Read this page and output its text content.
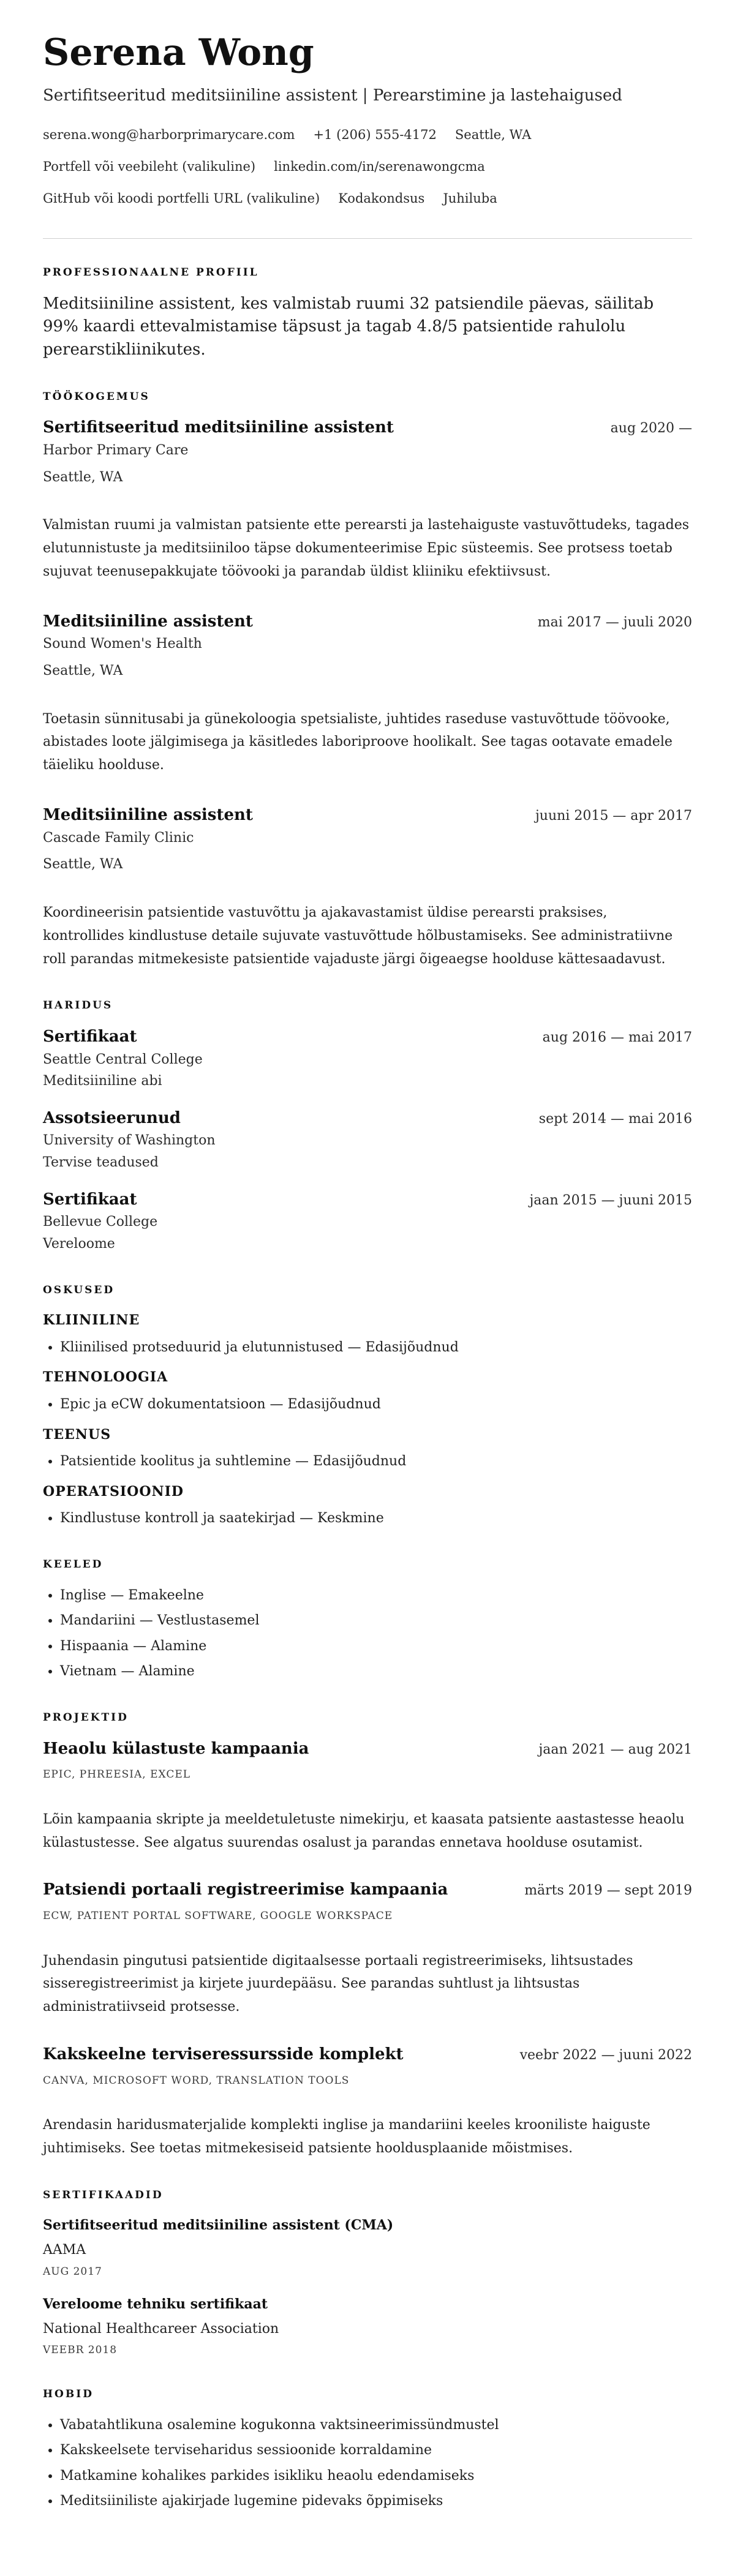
Serena Wong
Sertifitseeritud meditsiiniline assistent | Perearstimine ja lastehaigused
serena.wong@harborprimarycare.com +1 (206) 555-4172 Seattle, WA
Portfell või veebileht (valikuline) linkedin.com/in/serenawongcma
GitHub või koodi portfelli URL (valikuline) Kodakondsus Juhiluba
PROFESSIONAALNE PROFIIL

Meditsiiniline assistent, kes valmistab ruumi 32 patsiendile päevas, säilitab 99% kaardi ettevalmistamise täpsust ja tagab 4.8/5 patsientide rahulolu perearstikliinikutes.

TÖÖKOGEMUS
Sertifitseeritud meditsiiniline assistent	aug 2020 —

Harbor Primary Care

Seattle, WA

Valmistan ruumi ja valmistan patsiente ette perearsti ja lastehaiguste vastuvõttudeks, tagades elutunnistuste ja meditsiiniloo täpse dokumenteerimise Epic süsteemis. See protsess toetab sujuvat teenusepakkujate töövooki ja parandab üldist kliiniku efektiivsust.

Meditsiiniline assistent	mai 2017 — juuli 2020

Sound Women's Health

Seattle, WA

Toetasin sünnitusabi ja günekoloogia spetsialiste, juhtides raseduse vastuvõttude töövooke, abistades loote jälgimisega ja käsitledes laboriproove hoolikalt. See tagas ootavate emadele täieliku hoolduse.

Meditsiiniline assistent	juuni 2015 — apr 2017

Cascade Family Clinic

Seattle, WA

Koordineerisin patsientide vastuvõttu ja ajakavastamist üldise perearsti praksises, kontrollides kindlustuse detaile sujuvate vastuvõttude hõlbustamiseks. See administratiivne roll parandas mitmekesiste patsientide vajaduste järgi õigeaegse hoolduse kättesaadavust.

HARIDUS
Sertifikaat	aug 2016 — mai 2017

Seattle Central College

Meditsiiniline abi

Assotsieerunud	sept 2014 — mai 2016

University of Washington

Tervise teadused

Sertifikaat	jaan 2015 — juuni 2015

Bellevue College

Vereloome

OSKUSED
KLIINILINE
• Kliinilised protseduurid ja elutunnistused — Edasijõudnud
TEHNOLOOGIA
• Epic ja eCW dokumentatsioon — Edasijõudnud
TEENUS
• Patsientide koolitus ja suhtlemine — Edasijõudnud
OPERATSIOONID
• Kindlustuse kontroll ja saatekirjad — Keskmine
KEELED
• Inglise — Emakeelne
• Mandariini — Vestlustasemel
• Hispaania — Alamine
• Vietnam — Alamine
PROJEKTID
Heaolu külastuste kampaania	jaan 2021 — aug 2021

EPIC, PHREESIA, EXCEL

Lõin kampaania skripte ja meeldetuletuste nimekirju, et kaasata patsiente aastastesse heaolu külastustesse. See algatus suurendas osalust ja parandas ennetava hoolduse osutamist.

Patsiendi portaali registreerimise kampaania	märts 2019 — sept 2019

ECW, PATIENT PORTAL SOFTWARE, GOOGLE WORKSPACE

Juhendasin pingutusi patsientide digitaalsesse portaali registreerimiseks, lihtsustades sisseregistreerimist ja kirjete juurdepääsu. See parandas suhtlust ja lihtsustas administratiivseid protsesse.

Kakskeelne terviseressursside komplekt	veebr 2022 — juuni 2022

CANVA, MICROSOFT WORD, TRANSLATION TOOLS

Arendasin haridusmaterjalide komplekti inglise ja mandariini keeles krooniliste haiguste juhtimiseks. See toetas mitmekesiseid patsiente hooldusplaanide mõistmises.

SERTIFIKAADID

Sertifitseeritud meditsiiniline assistent (CMA)

AAMA

AUG 2017

Vereloome tehniku sertifikaat

National Healthcareer Association

VEEBR 2018

HOBID
• Vabatahtlikuna osalemine kogukonna vaktsineerimissündmustel
• Kakskeelsete terviseharidus sessioonide korraldamine
• Matkamine kohalikes parkides isikliku heaolu edendamiseks
• Meditsiiniliste ajakirjade lugemine pidevaks õppimiseks
